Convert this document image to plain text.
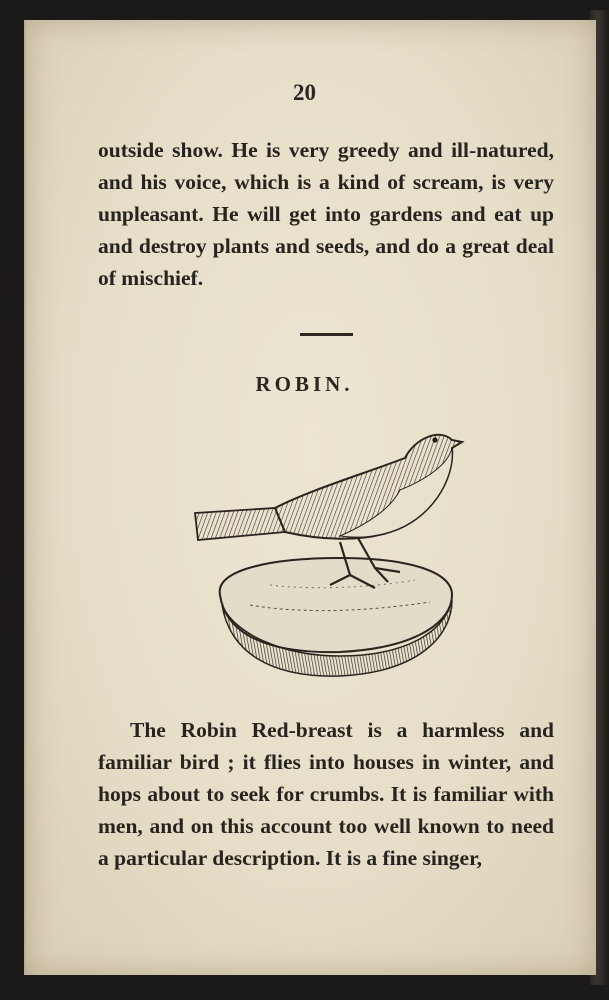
20

outside show. He is very greedy and ill-natured, and his voice, which is a kind of scream, is very unpleasant. He will get into gardens and eat up and destroy plants and seeds, and do a great deal of mischief.

ROBIN.

The Robin Red-breast is a harmless and familiar bird ; it flies into houses in winter, and hops about to seek for crumbs. It is familiar with men, and on this account too well known to need a particular description. It is a fine singer,
